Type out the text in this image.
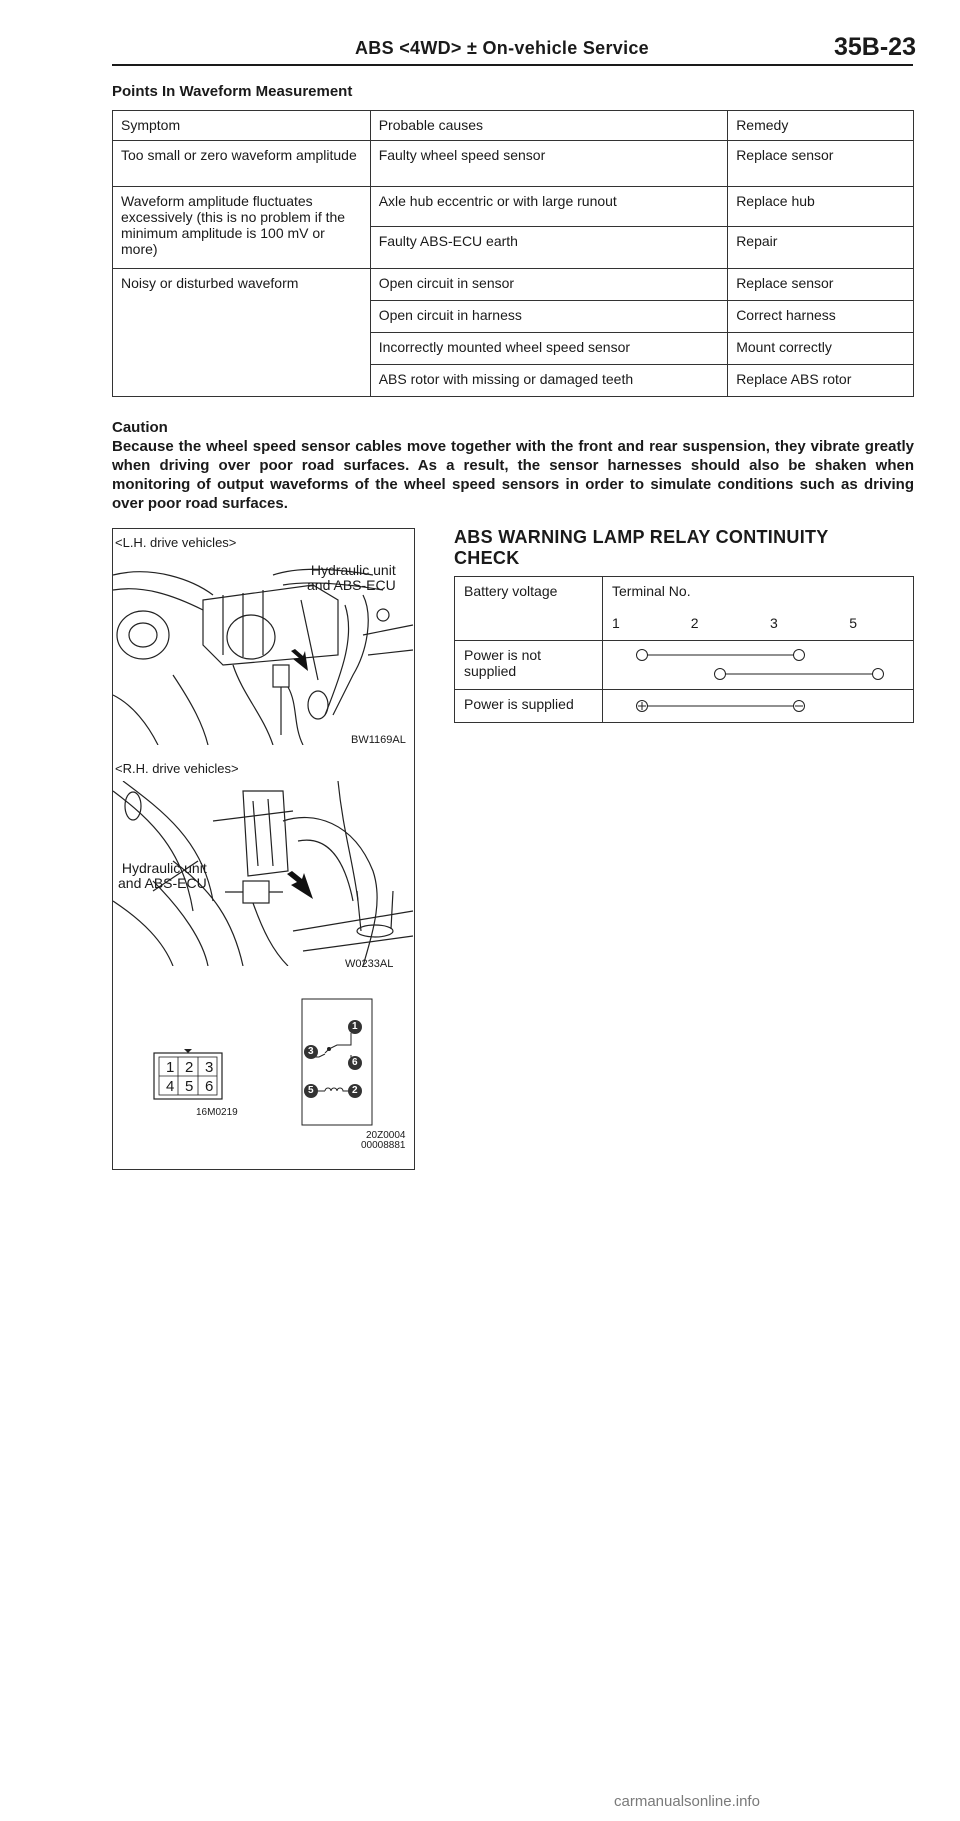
ABS <4WD> ± On-vehicle Service	35B-23
Points In Waveform Measurement
Symptom	Probable causes	Remedy
Too small or zero waveform amplitude	Faulty wheel speed sensor	Replace sensor
Waveform amplitude fluctuates excessively (this is no problem if the minimum amplitude is 100 mV or more)	Axle hub eccentric or with large runout	Replace hub
	Faulty ABS-ECU earth	Repair
Noisy or disturbed waveform	Open circuit in sensor	Replace sensor
	Open circuit in harness	Correct harness
	Incorrectly mounted wheel speed sensor	Mount correctly
	ABS rotor with missing or damaged teeth	Replace ABS rotor
Caution
Because the wheel speed sensor cables move together with the front and rear suspension, they vibrate greatly when driving over poor road surfaces. As a result, the sensor harnesses should also be shaken when monitoring of output waveforms of the wheel speed sensors in order to simulate conditions such as driving over poor road surfaces.
<L.H. drive vehicles>
Hydraulic unit
and ABS-ECU
BW1169AL
<R.H. drive vehicles>
Hydraulic unit
and ABS-ECU
W0233AL
1 2 3
4 5 6
16M0219
1
3
6
5	2
20Z0004
00008881
ABS WARNING LAMP RELAY CONTINUITY
CHECK
Battery voltage	Terminal No.			
	1	2	3	5
Power is not supplied	

Power is supplied	
carmanualsonline.info
